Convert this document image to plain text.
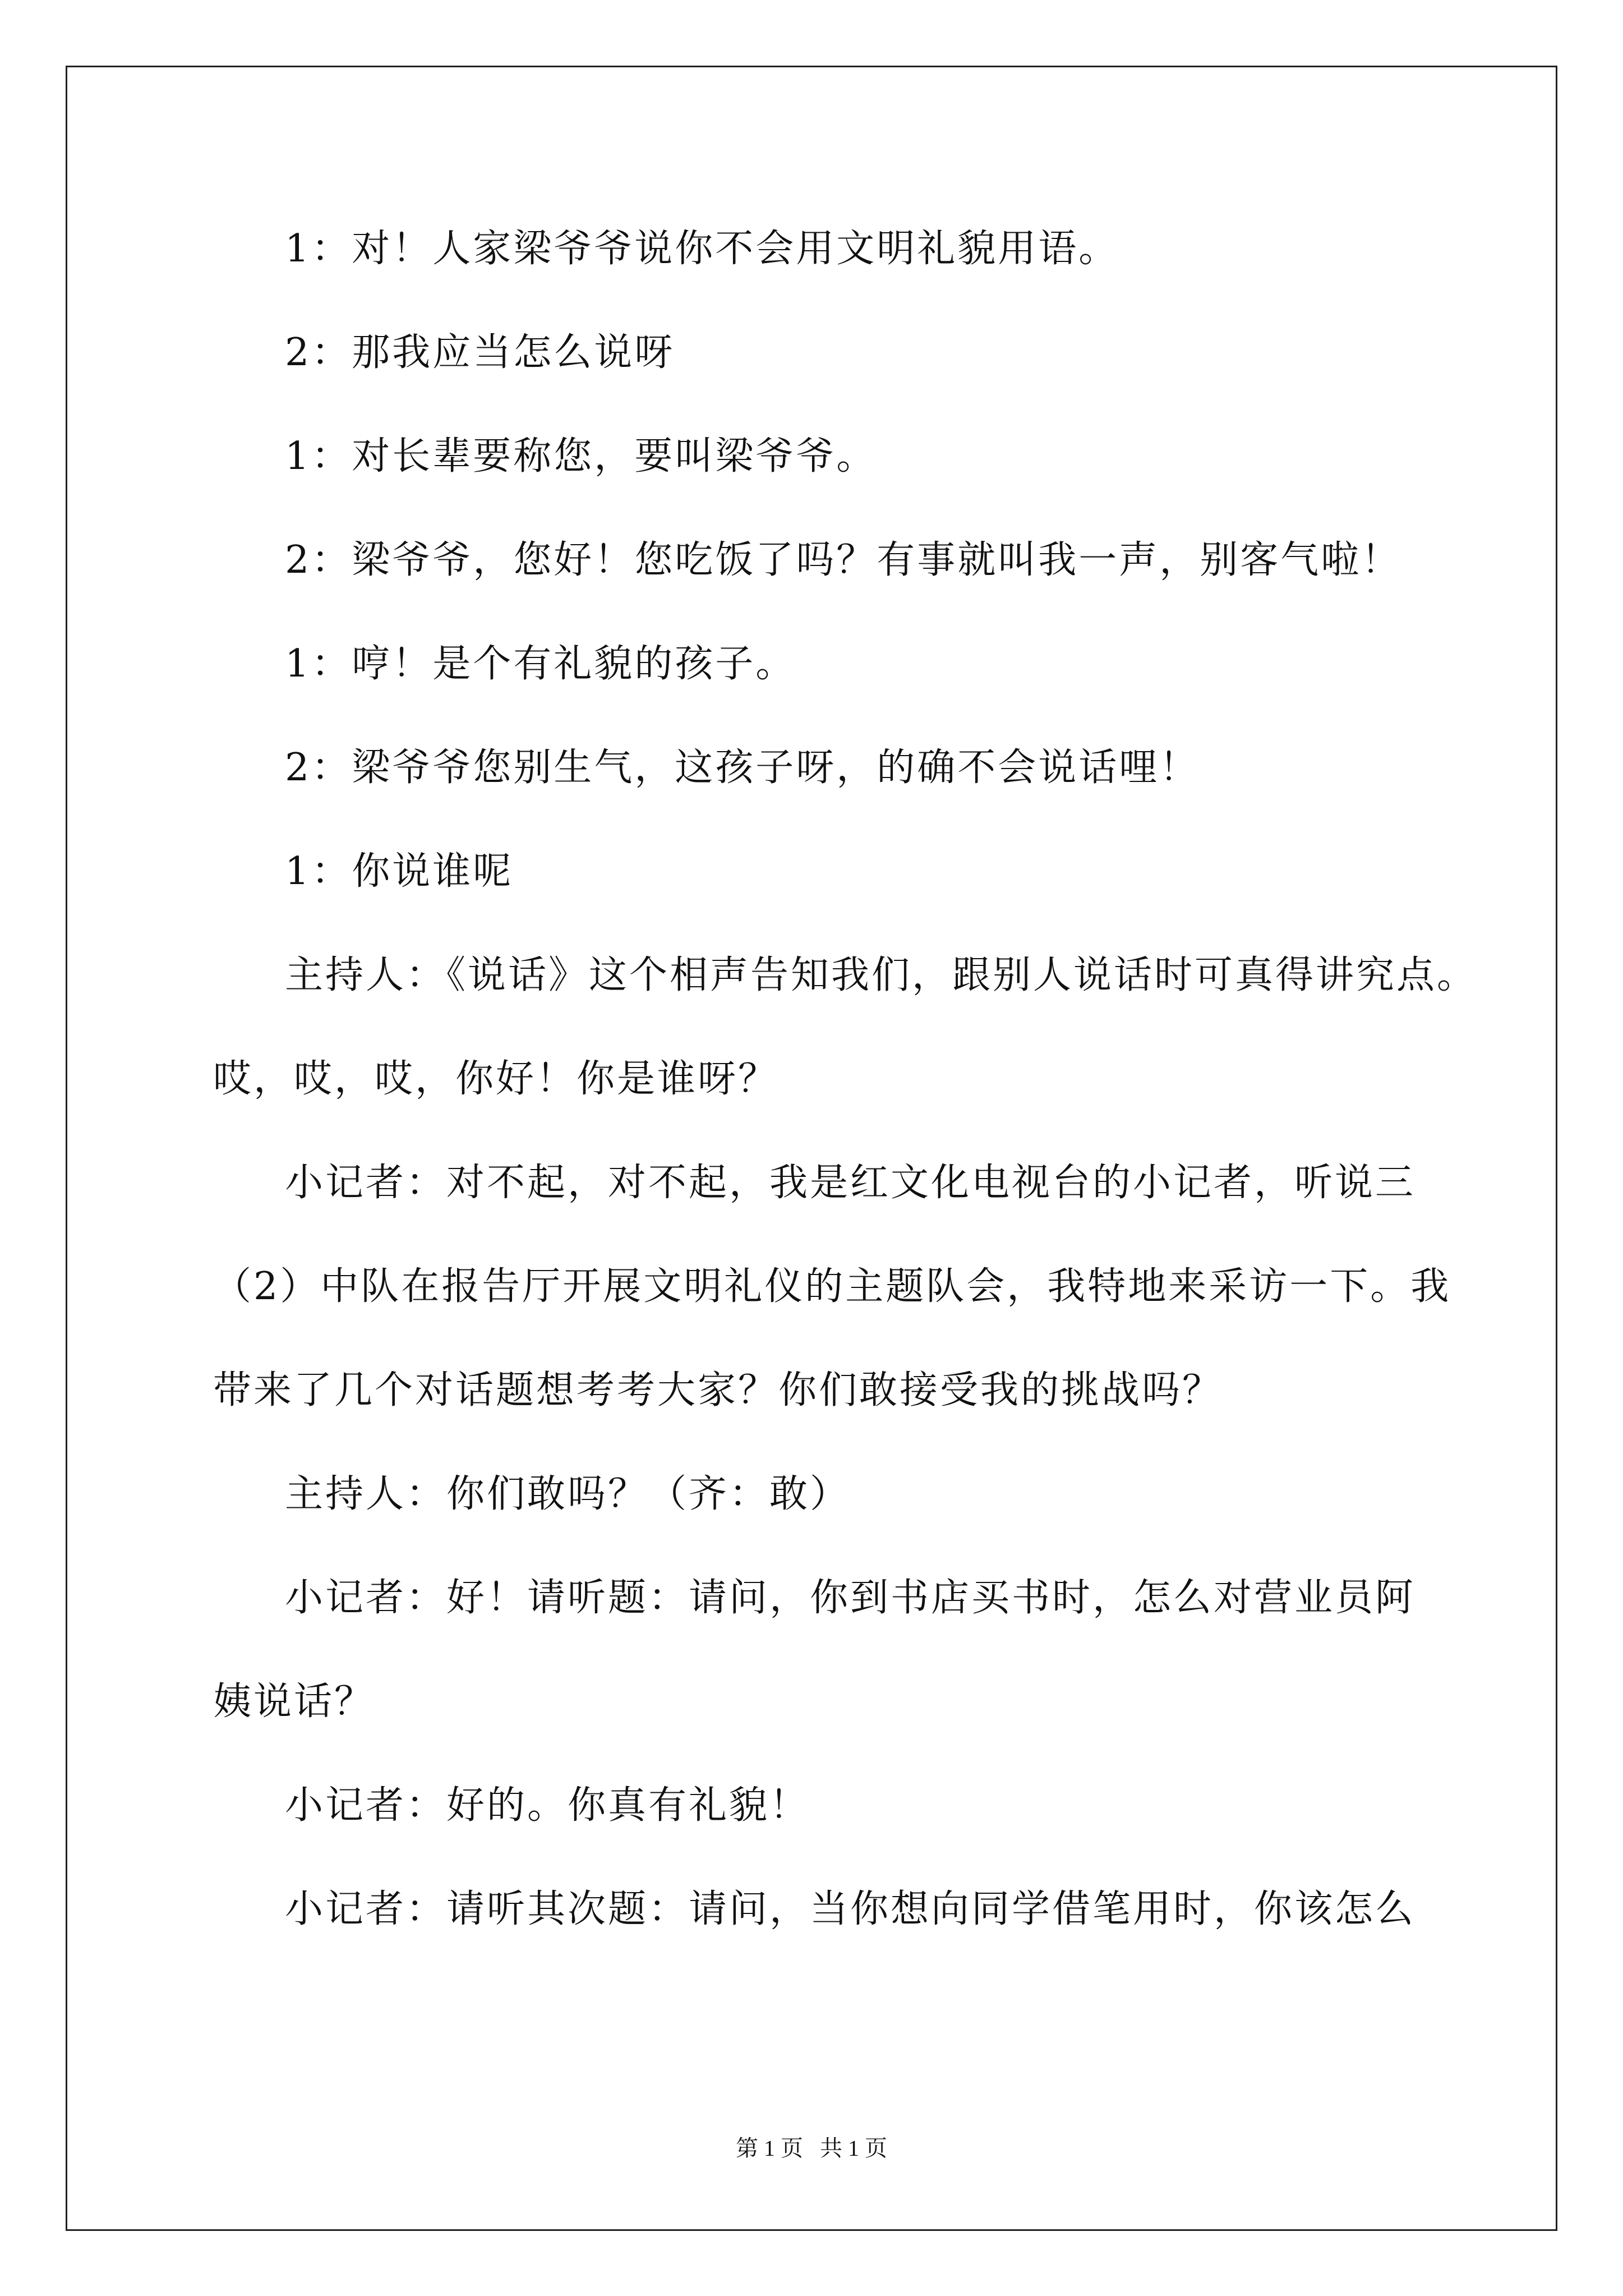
1：对！人家梁爷爷说你不会用文明礼貌用语。
2：那我应当怎么说呀
1：对长辈要称您，要叫梁爷爷。
2：梁爷爷，您好！您吃饭了吗？有事就叫我一声，别客气啦！
1：哼！是个有礼貌的孩子。
2：梁爷爷您别生气，这孩子呀，的确不会说话哩！
1：你说谁呢
主持人：《说话》这个相声告知我们，跟别人说话时可真得讲究点。
哎，哎，哎，你好！你是谁呀？
小记者：对不起，对不起，我是红文化电视台的小记者，听说三
（2）中队在报告厅开展文明礼仪的主题队会，我特地来采访一下。我
带来了几个对话题想考考大家？你们敢接受我的挑战吗？
主持人：你们敢吗？（齐：敢）
小记者：好！请听题：请问，你到书店买书时，怎么对营业员阿
姨说话？
小记者：好的。你真有礼貌！
小记者：请听其次题：请问，当你想向同学借笔用时，你该怎么
第 1 页   共 1 页
